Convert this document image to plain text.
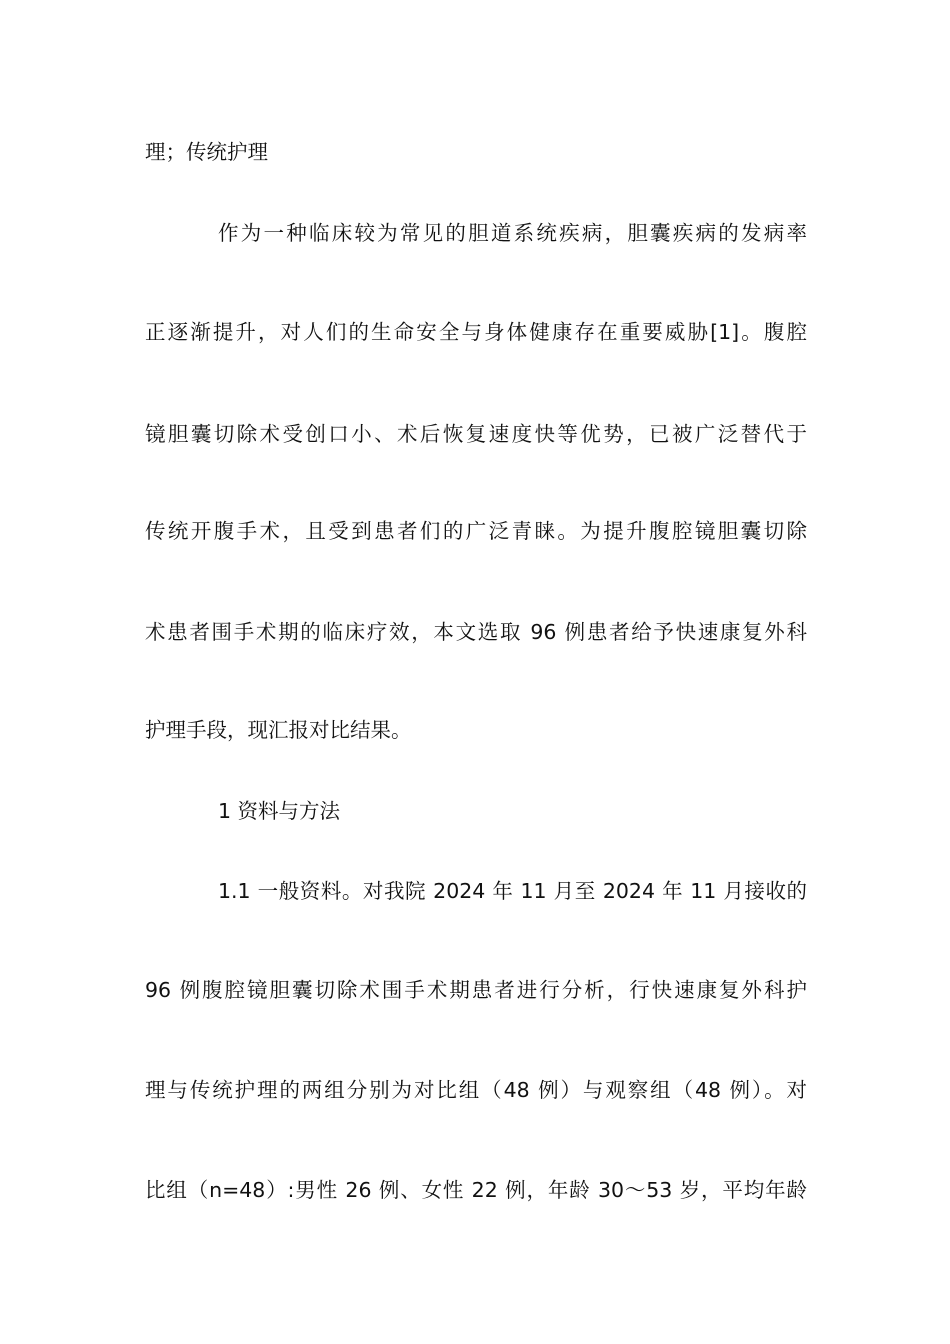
理；传统护理
作为一种临床较为常见的胆道系统疾病，胆囊疾病的发病率
正逐渐提升，对人们的生命安全与身体健康存在重要威胁[1]。腹腔
镜胆囊切除术受创口小、术后恢复速度快等优势，已被广泛替代于
传统开腹手术，且受到患者们的广泛青睐。为提升腹腔镜胆囊切除
术患者围手术期的临床疗效，本文选取 96 例患者给予快速康复外科
护理手段，现汇报对比结果。
1 资料与方法
1.1 一般资料。对我院 2024 年 11 月至 2024 年 11 月接收的
96 例腹腔镜胆囊切除术围手术期患者进行分析，行快速康复外科护
理与传统护理的两组分别为对比组（48 例）与观察组（48 例）。对
比组（n=48）:男性 26 例、女性 22 例，年龄 30～53 岁，平均年龄
